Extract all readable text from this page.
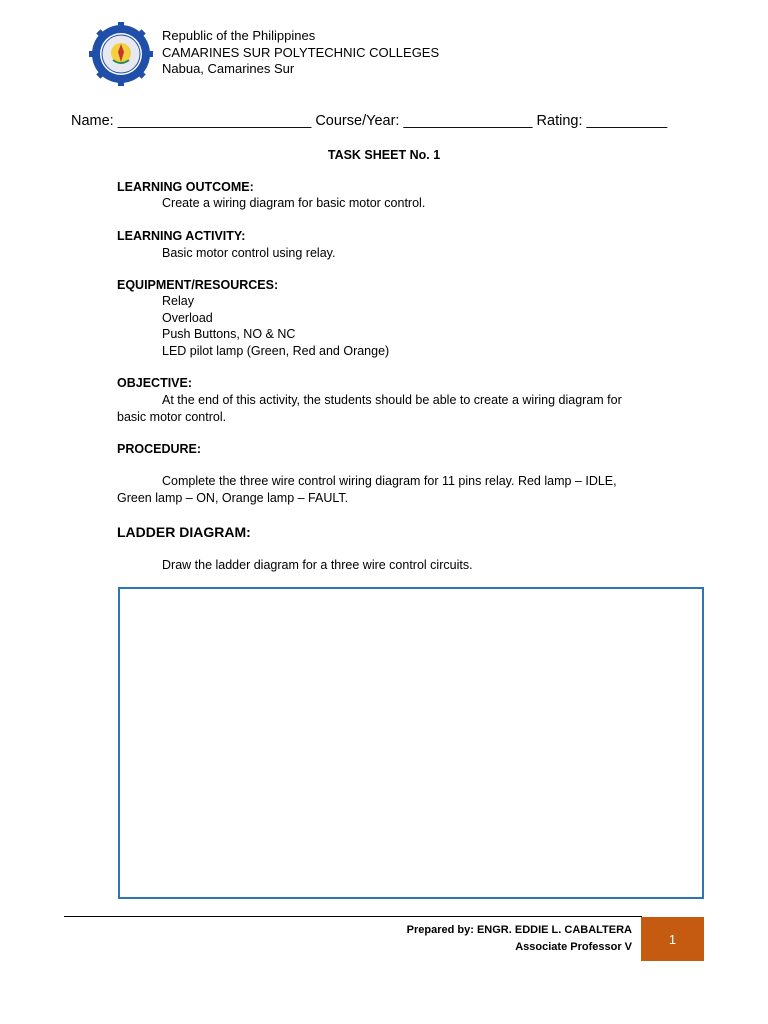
Republic of the Philippines
CAMARINES SUR POLYTECHNIC COLLEGES
Nabua, Camarines Sur
Name: ________________________ Course/Year: ________________ Rating: __________
TASK SHEET No. 1
LEARNING OUTCOME:
Create a wiring diagram for basic motor control.
LEARNING ACTIVITY:
Basic motor control using relay.
EQUIPMENT/RESOURCES:
Relay
Overload
Push Buttons, NO & NC
LED pilot lamp (Green, Red and Orange)
OBJECTIVE:
At the end of this activity, the students should be able to create a wiring diagram for
basic motor control.
PROCEDURE:
Complete the three wire control wiring diagram for 11 pins relay. Red lamp – IDLE,
Green lamp – ON, Orange lamp – FAULT.
LADDER DIAGRAM:
Draw the ladder diagram for a three wire control circuits.
Prepared by: ENGR. EDDIE L. CABALTERA
Associate Professor V
1
